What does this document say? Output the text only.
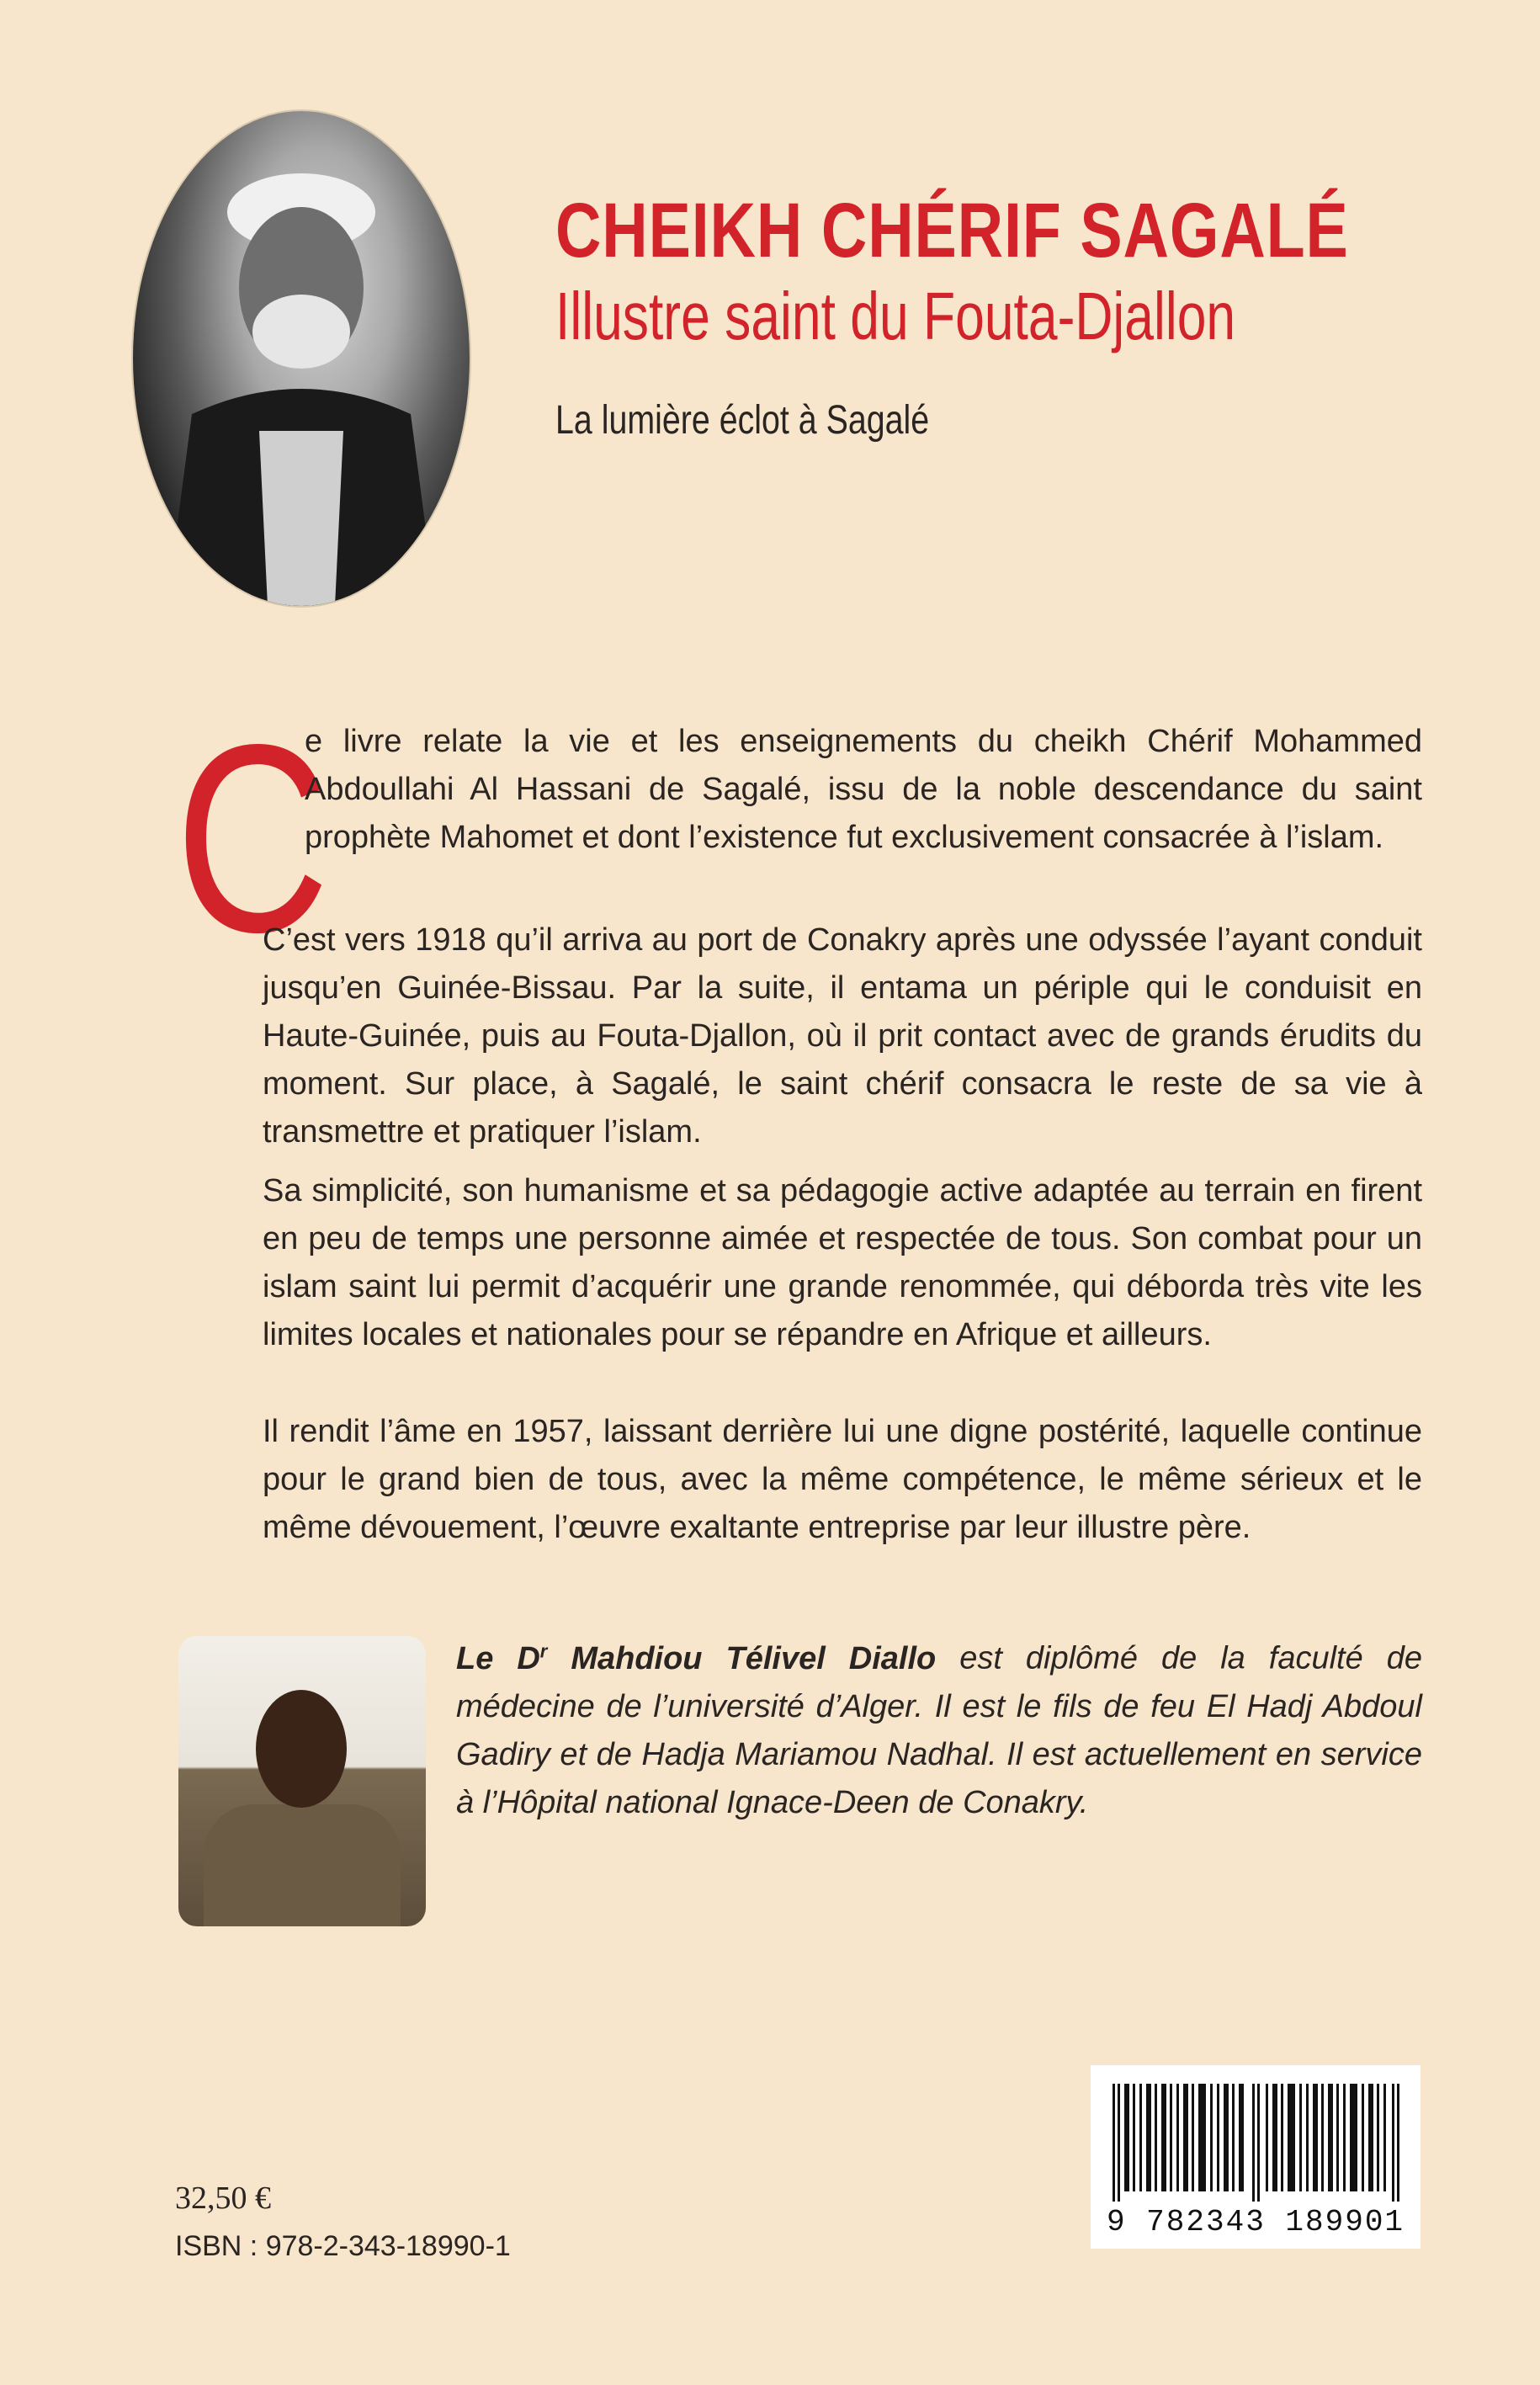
CHEIKH CHÉRIF SAGALÉ
Illustre saint du Fouta-Djallon
La lumière éclot à Sagalé
C

e livre relate la vie et les enseignements du cheikh Chérif Mohammed Abdoullahi Al Hassani de Sagalé, issu de la noble descendance du saint prophète Mahomet et dont l’existence fut exclusivement consacrée à l’islam.

C’est vers 1918 qu’il arriva au port de Conakry après une odyssée l’ayant conduit jusqu’en Guinée-Bissau. Par la suite, il entama un périple qui le conduisit en Haute-Guinée, puis au Fouta-Djallon, où il prit contact avec de grands érudits du moment. Sur place, à Sagalé, le saint chérif consacra le reste de sa vie à transmettre et pratiquer l’islam.

Sa simplicité, son humanisme et sa pédagogie active adaptée au terrain en firent en peu de temps une personne aimée et respectée de tous. Son combat pour un islam saint lui permit d’acquérir une grande renommée, qui déborda très vite les limites locales et nationales pour se répandre en Afrique et ailleurs.

Il rendit l’âme en 1957, laissant derrière lui une digne postérité, laquelle continue pour le grand bien de tous, avec la même compétence, le même sérieux et le même dévouement, l’œuvre exaltante entreprise par leur illustre père.

Le $D^r$ Mahdiou Télivel Diallo est diplômé de la faculté de médecine de l’université d’Alger. Il est le fils de feu El Hadj Abdoul Gadiry et de Hadja Mariamou Nadhal. Il est actuellement en service à l’Hôpital national Ignace-Deen de Conakry.

9 782343 189901
32,50 €
ISBN : 978-2-343-18990-1
